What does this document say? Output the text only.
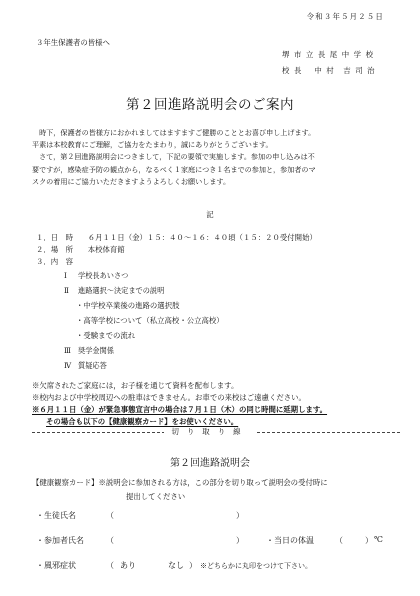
令和３年５月２５日
３年生保護者の皆様へ
堺 市 立 長 尾 中 学 校
校 長　 中 村　吉 司 治
第２回進路説明会のご案内

　時下，保護者の皆様方におかれましてはますますご健勝のこととお喜び申し上げます。

平素は本校教育にご理解，ご協力をたまわり，誠にありがとうございます。

　さて，第２回進路説明会につきまして，下記の要領で実施します。参加の申し込みは不

要ですが，感染症予防の観点から，なるべく１家庭につき１名までの参加と，参加者のマ

スクの着用にご協力いただきますようよろしくお願いします。

記
１．日　時　　６月１１日（金）１５：４０～１６：４０頃（１５：２０受付開始）
２．場　所　　本校体育館
３．内　容
Ⅰ 学校長あいさつ
Ⅱ 進路選択～決定までの説明
・中学校卒業後の進路の選択肢
・高等学校について（私立高校・公立高校）
・受験までの流れ
Ⅲ 奨学金関係
Ⅳ 質疑応答
※欠席されたご家庭には，お子様を通じて資料を配布します。
※校内および中学校周辺への駐車はできません。お車での来校はご遠慮ください。
※６月１１日（金）が緊急事態宣言中の場合は７月１日（木）の同じ時間に延期します。
その場合も以下の【健康観察カード】をお使いください。
切り取り線
第２回進路説明会
【健康観察カード】※説明会に参加される方は，この部分を切り取って説明会の受付時に
提出してください
・生徒氏名	（	）
・参加者氏名	（	）	・当日の体温	（	） ℃
・風邪症状	（ あり	なし ） ※どちらかに丸印をつけて下さい。
